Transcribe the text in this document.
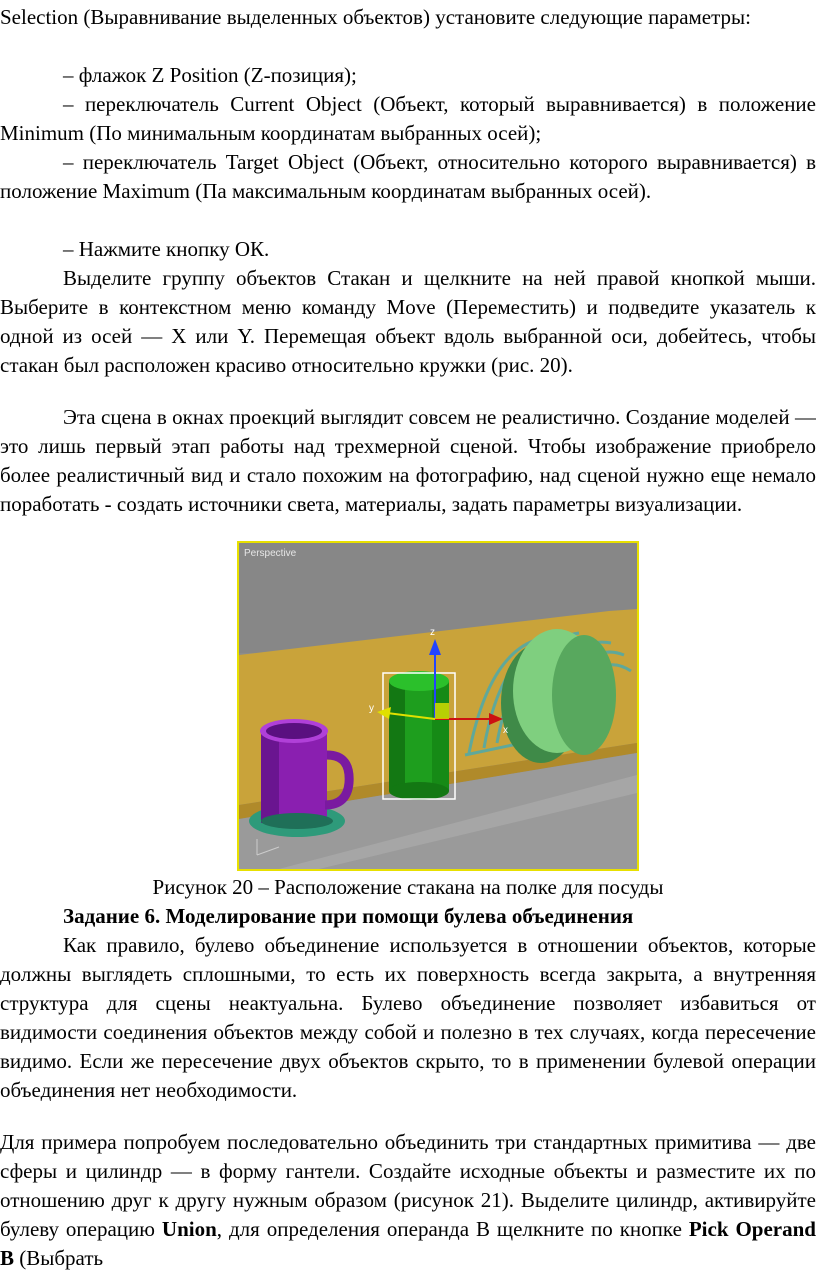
Selection (Выравнивание выделенных объектов) установите следующие параметры:

– флажок Z Position (Z-позиция);

– переключатель Current Object (Объект, который выравнивается) в положение Minimum (По минимальным координатам выбранных осей);

– переключатель Target Object (Объект, относительно которого выравнивается) в положение Maximum (Па максимальным координатам выбранных осей).

– Нажмите кнопку ОК.

Выделите группу объектов Стакан и щелкните на ней правой кнопкой мыши. Выберите в контекстном меню команду Move (Переместить) и подведите указатель к одной из осей — X или Y. Перемещая объект вдоль выбранной оси, добейтесь, чтобы стакан был расположен красиво относительно кружки (рис. 20).

Эта сцена в окнах проекций выглядит совсем не реалистично. Создание моделей — это лишь первый этап работы над трехмерной сценой. Чтобы изображение приобрело более реалистичный вид и стало похожим на фотографию, над сценой нужно еще немало поработать - создать источники света, материалы, задать параметры визуализации.

z
x
y
Perspective

Рисунок 20 – Расположение стакана на полке для посуды

Задание 6. Моделирование при помощи булева объединения

Как правило, булево объединение используется в отношении объектов, которые должны выглядеть сплошными, то есть их поверхность всегда закрыта, а внутренняя структура для сцены неактуальна. Булево объединение позволяет избавиться от видимости соединения объектов между собой и полезно в тех случаях, когда пересечение видимо. Если же пересечение двух объектов скрыто, то в применении булевой операции объединения нет необходимости.

Для примера попробуем последовательно объединить три стандартных примитива — две сферы и цилиндр — в форму гантели. Создайте исходные объекты и разместите их по отношению друг к другу нужным образом (рисунок 21). Выделите цилиндр, активируйте булеву операцию Union, для определения операнда В щелкните по кнопке Pick Operand B (Выбрать
